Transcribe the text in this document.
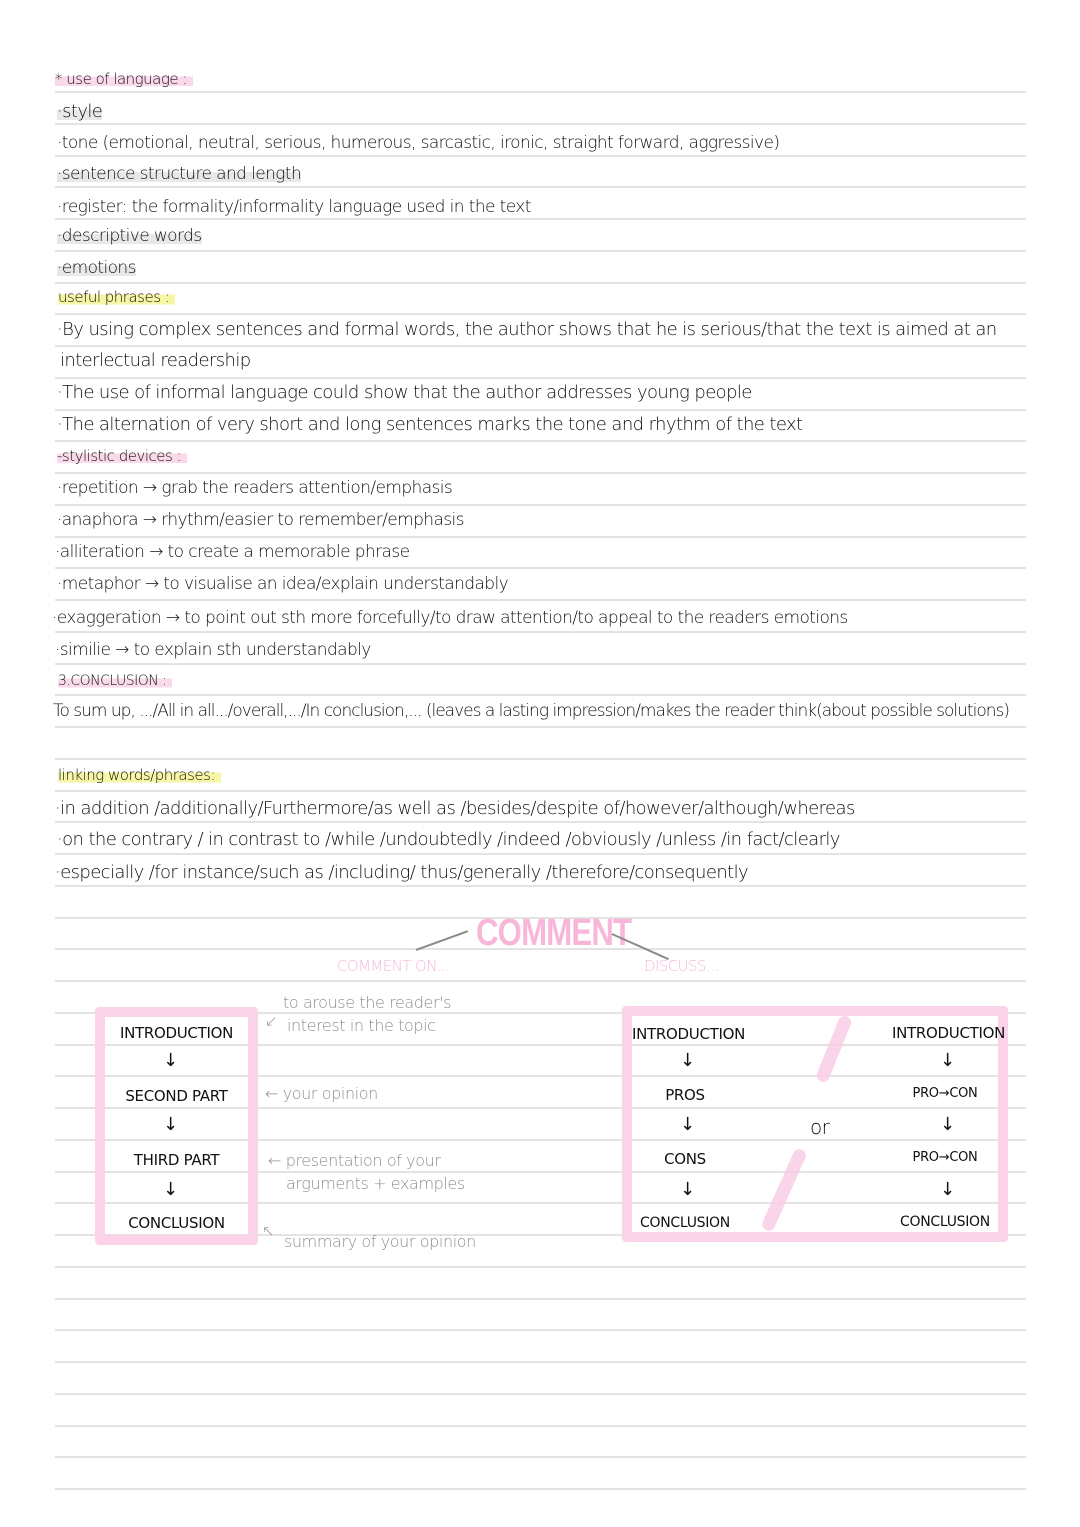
* use of language :
·style
·tone (emotional, neutral, serious, humerous, sarcastic, ironic, straight forward, aggressive)
·sentence structure and length
·register: the formality/informality language used in the text
·descriptive words
·emotions
useful phrases :
·By using complex sentences and formal words, the author shows that he is serious/that the text is aimed at an
interlectual readership
·The use of informal language could show that the author addresses young people
·The alternation of very short and long sentences marks the tone and rhythm of the text
-stylistic devices :
·repetition → grab the readers attention/emphasis
·anaphora → rhythm/easier to remember/emphasis
·alliteration → to create a memorable phrase
·metaphor → to visualise an idea/explain understandably
·exaggeration → to point out sth more forcefully/to draw attention/to appeal to the readers emotions
·similie → to explain sth understandably
3.CONCLUSION :
To sum up, .../All in all.../overall,.../In conclusion,... (leaves a lasting impression/makes the reader think(about possible solutions)
linking words/phrases:
·in addition /additionally/Furthermore/as well as /besides/despite of/however/although/whereas
·on the contrary / in contrast to /while /undoubtedly /indeed /obviously /unless /in fact/clearly
·especially /for instance/such as /including/ thus/generally /therefore/consequently
COMMENT
COMMENT ON...	DISCUSS...
INTRODUCTION
↓
SECOND PART
↓
THIRD PART
↓
CONCLUSION
↙
to arouse the reader's
interest in the topic
← your opinion
← presentation of your
arguments + examples
↖
summary of your opinion
or
INTRODUCTION
↓
PROS
↓
CONS
↓
CONCLUSION
INTRODUCTION
↓
PRO→CON
↓
PRO→CON
↓
CONCLUSION
